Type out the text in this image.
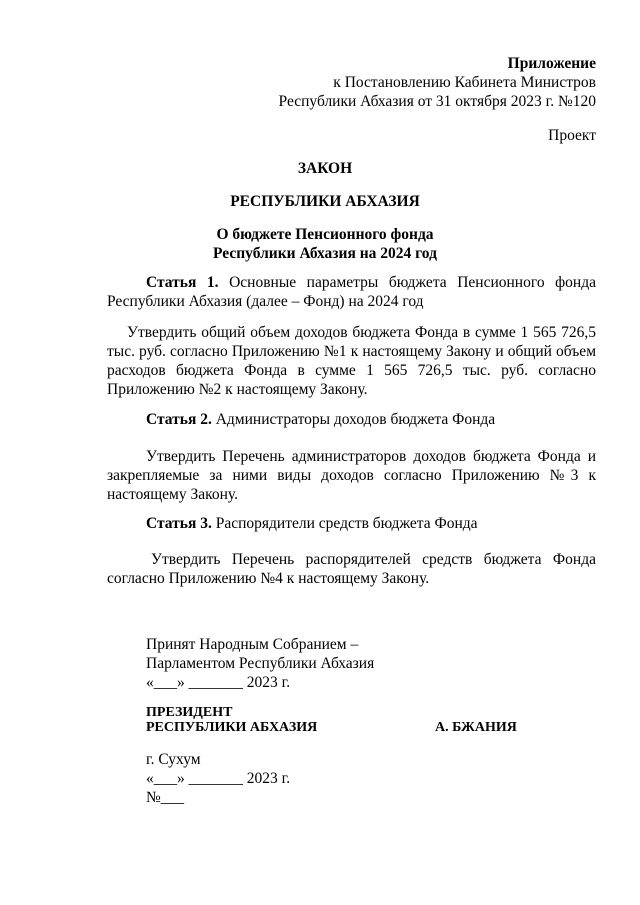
Приложение
к Постановлению Кабинета Министров
Республики Абхазия от 31 октября 2023 г. №120
Проект
ЗАКОН
РЕСПУБЛИКИ АБХАЗИЯ
О бюджете Пенсионного фонда
Республики Абхазия на 2024 год
Статья 1. Основные параметры бюджета Пенсионного фонда Республики Абхазия (далее – Фонд) на 2024 год
Утвердить общий объем доходов бюджета Фонда в сумме 1 565 726,5 тыс. руб. согласно Приложению №1 к настоящему Закону и общий объем расходов бюджета Фонда в сумме 1 565 726,5 тыс. руб. согласно Приложению №2 к настоящему Закону.
Статья 2. Администраторы доходов бюджета Фонда
Утвердить Перечень администраторов доходов бюджета Фонда и закрепляемые за ними виды доходов согласно Приложению №3 к настоящему Закону.
Статья 3. Распорядители средств бюджета Фонда
Утвердить Перечень распорядителей средств бюджета Фонда согласно Приложению №4 к настоящему Закону.
Принят Народным Собранием –
Парламентом Республики Абхазия
«___» _______ 2023 г.
ПРЕЗИДЕНТ
РЕСПУБЛИКИ АБХАЗИЯ	А. БЖАНИЯ
г. Сухум
«___» _______ 2023 г.
№___
